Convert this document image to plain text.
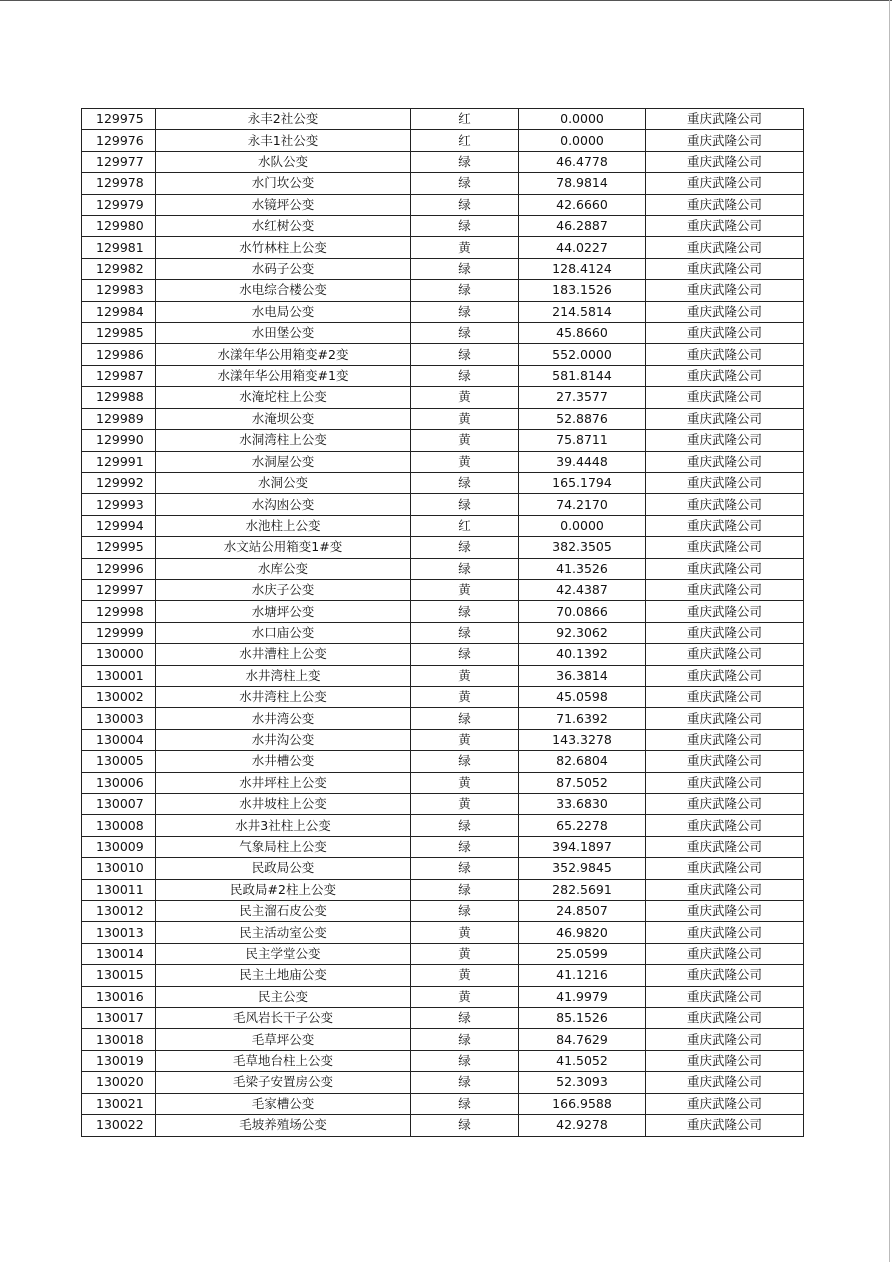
129975	永丰2社公变	红	0.0000	重庆武隆公司
129976	永丰1社公变	红	0.0000	重庆武隆公司
129977	水队公变	绿	46.4778	重庆武隆公司
129978	水门坎公变	绿	78.9814	重庆武隆公司
129979	水镜坪公变	绿	42.6660	重庆武隆公司
129980	水红树公变	绿	46.2887	重庆武隆公司
129981	水竹林柱上公变	黄	44.0227	重庆武隆公司
129982	水码子公变	绿	128.4124	重庆武隆公司
129983	水电综合楼公变	绿	183.1526	重庆武隆公司
129984	水电局公变	绿	214.5814	重庆武隆公司
129985	水田堡公变	绿	45.8660	重庆武隆公司
129986	水漾年华公用箱变#2变	绿	552.0000	重庆武隆公司
129987	水漾年华公用箱变#1变	绿	581.8144	重庆武隆公司
129988	水淹坨柱上公变	黄	27.3577	重庆武隆公司
129989	水淹坝公变	黄	52.8876	重庆武隆公司
129990	水洞湾柱上公变	黄	75.8711	重庆武隆公司
129991	水洞屋公变	黄	39.4448	重庆武隆公司
129992	水洞公变	绿	165.1794	重庆武隆公司
129993	水沟凼公变	绿	74.2170	重庆武隆公司
129994	水池柱上公变	红	0.0000	重庆武隆公司
129995	水文站公用箱变1#变	绿	382.3505	重庆武隆公司
129996	水库公变	绿	41.3526	重庆武隆公司
129997	水庆子公变	黄	42.4387	重庆武隆公司
129998	水塘坪公变	绿	70.0866	重庆武隆公司
129999	水口庙公变	绿	92.3062	重庆武隆公司
130000	水井漕柱上公变	绿	40.1392	重庆武隆公司
130001	水井湾柱上变	黄	36.3814	重庆武隆公司
130002	水井湾柱上公变	黄	45.0598	重庆武隆公司
130003	水井湾公变	绿	71.6392	重庆武隆公司
130004	水井沟公变	黄	143.3278	重庆武隆公司
130005	水井槽公变	绿	82.6804	重庆武隆公司
130006	水井坪柱上公变	黄	87.5052	重庆武隆公司
130007	水井坡柱上公变	黄	33.6830	重庆武隆公司
130008	水井3社柱上公变	绿	65.2278	重庆武隆公司
130009	气象局柱上公变	绿	394.1897	重庆武隆公司
130010	民政局公变	绿	352.9845	重庆武隆公司
130011	民政局#2柱上公变	绿	282.5691	重庆武隆公司
130012	民主溜石皮公变	绿	24.8507	重庆武隆公司
130013	民主活动室公变	黄	46.9820	重庆武隆公司
130014	民主学堂公变	黄	25.0599	重庆武隆公司
130015	民主土地庙公变	黄	41.1216	重庆武隆公司
130016	民主公变	黄	41.9979	重庆武隆公司
130017	毛风岩长干子公变	绿	85.1526	重庆武隆公司
130018	毛草坪公变	绿	84.7629	重庆武隆公司
130019	毛草地台柱上公变	绿	41.5052	重庆武隆公司
130020	毛梁子安置房公变	绿	52.3093	重庆武隆公司
130021	毛家槽公变	绿	166.9588	重庆武隆公司
130022	毛坡养殖场公变	绿	42.9278	重庆武隆公司
